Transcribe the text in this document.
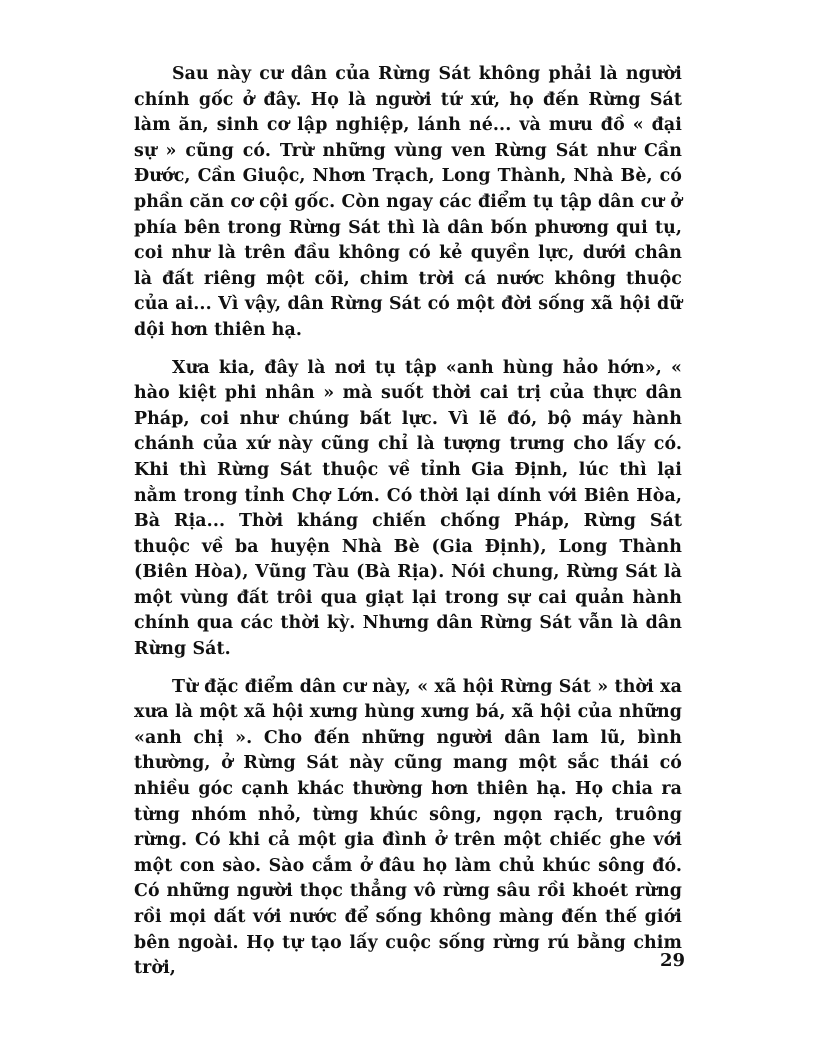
Sau này cư dân của Rừng Sát không phải là người chính gốc ở đây. Họ là người tứ xứ, họ đến Rừng Sát làm ăn, sinh cơ lập nghiệp, lánh né... và mưu đồ « đại sự » cũng có. Trừ những vùng ven Rừng Sát như Cần Đước, Cần Giuộc, Nhơn Trạch, Long Thành, Nhà Bè, có phần căn cơ cội gốc. Còn ngay các điểm tụ tập dân cư ở phía bên trong Rừng Sát thì là dân bốn phương qui tụ, coi như là trên đầu không có kẻ quyền lực, dưới chân là đất riêng một cõi, chim trời cá nước không thuộc của ai... Vì vậy, dân Rừng Sát có một đời sống xã hội dữ dội hơn thiên hạ.

Xưa kia, đây là nơi tụ tập «anh hùng hảo hớn», « hào kiệt phi nhân » mà suốt thời cai trị của thực dân Pháp, coi như chúng bất lực. Vì lẽ đó, bộ máy hành chánh của xứ này cũng chỉ là tượng trưng cho lấy có. Khi thì Rừng Sát thuộc về tỉnh Gia Định, lúc thì lại nằm trong tỉnh Chợ Lớn. Có thời lại dính với Biên Hòa, Bà Rịa... Thời kháng chiến chống Pháp, Rừng Sát thuộc về ba huyện Nhà Bè (Gia Định), Long Thành (Biên Hòa), Vũng Tàu (Bà Rịa). Nói chung, Rừng Sát là một vùng đất trôi qua giạt lại trong sự cai quản hành chính qua các thời kỳ. Nhưng dân Rừng Sát vẫn là dân Rừng Sát.

Từ đặc điểm dân cư này, « xã hội Rừng Sát » thời xa xưa là một xã hội xưng hùng xưng bá, xã hội của những «anh chị ». Cho đến những người dân lam lũ, bình thường, ở Rừng Sát này cũng mang một sắc thái có nhiều góc cạnh khác thường hơn thiên hạ. Họ chia ra từng nhóm nhỏ, từng khúc sông, ngọn rạch, truông rừng. Có khi cả một gia đình ở trên một chiếc ghe với một con sào. Sào cắm ở đâu họ làm chủ khúc sông đó. Có những người thọc thẳng vô rừng sâu rồi khoét rừng rồi mọi dất với nước để sống không màng đến thế giới bên ngoài. Họ tự tạo lấy cuộc sống rừng rú bằng chim trời,	29
